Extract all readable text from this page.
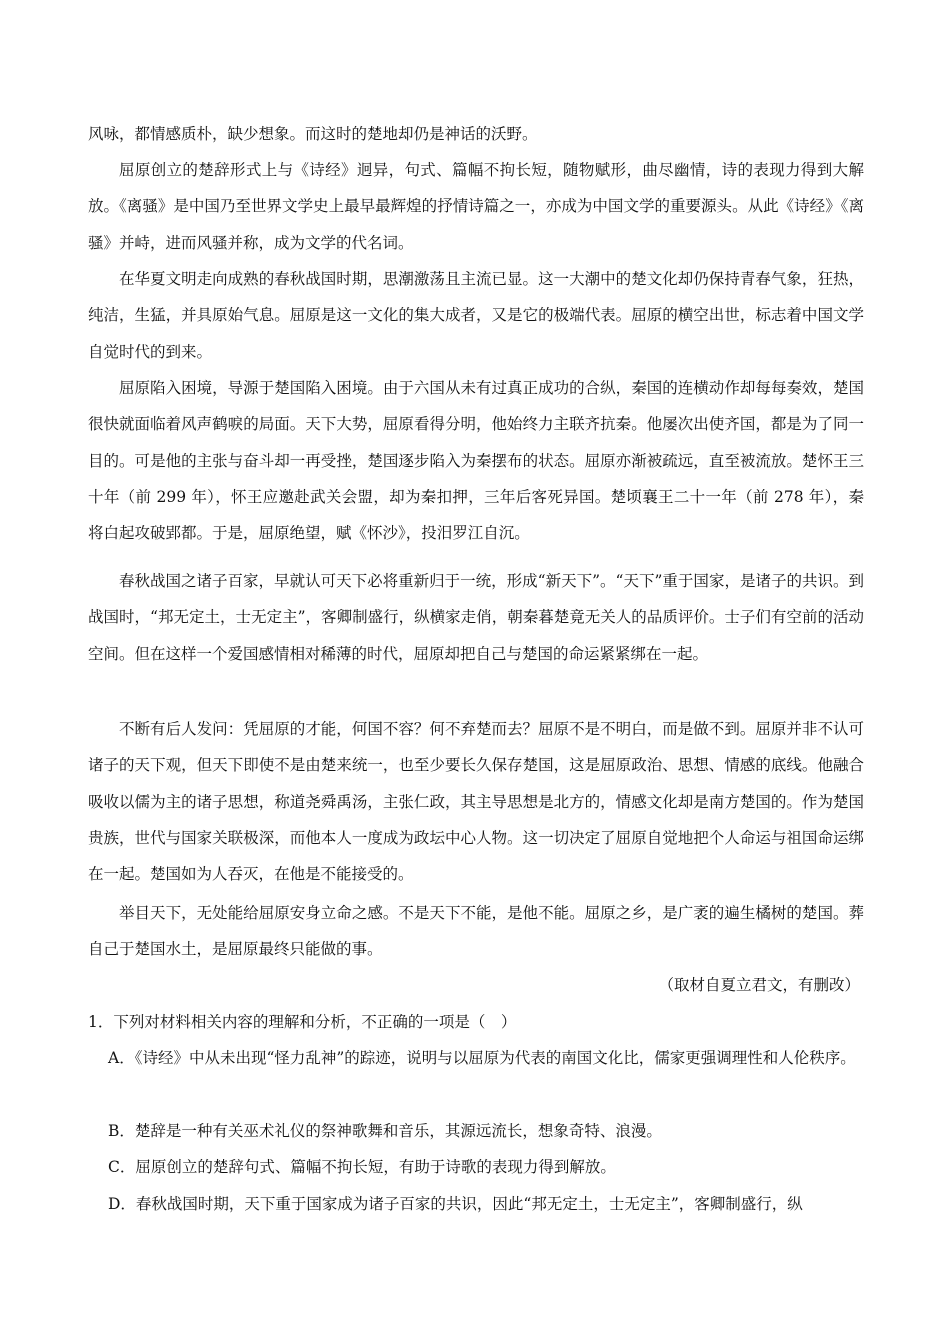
风咏，都情感质朴，缺少想象。而这时的楚地却仍是神话的沃野。

屈原创立的楚辞形式上与《诗经》迥异，句式、篇幅不拘长短，随物赋形，曲尽幽情，诗的表现力得到大解放。《离骚》是中国乃至世界文学史上最早最辉煌的抒情诗篇之一，亦成为中国文学的重要源头。从此《诗经》《离骚》并峙，进而风骚并称，成为文学的代名词。

在华夏文明走向成熟的春秋战国时期，思潮激荡且主流已显。这一大潮中的楚文化却仍保持青春气象，狂热，纯洁，生猛，并具原始气息。屈原是这一文化的集大成者，又是它的极端代表。屈原的横空出世，标志着中国文学自觉时代的到来。

屈原陷入困境，导源于楚国陷入困境。由于六国从未有过真正成功的合纵，秦国的连横动作却每每奏效，楚国很快就面临着风声鹤唳的局面。天下大势，屈原看得分明，他始终力主联齐抗秦。他屡次出使齐国，都是为了同一目的。可是他的主张与奋斗却一再受挫，楚国逐步陷入为秦摆布的状态。屈原亦渐被疏远，直至被流放。楚怀王三十年（前 299 年），怀王应邀赴武关会盟，却为秦扣押，三年后客死异国。楚顷襄王二十一年（前 278 年），秦将白起攻破郢都。于是，屈原绝望，赋《怀沙》，投汨罗江自沉。

春秋战国之诸子百家，早就认可天下必将重新归于一统，形成“新天下”。“天下”重于国家，是诸子的共识。到战国时，“邦无定土，士无定主”，客卿制盛行，纵横家走俏，朝秦暮楚竟无关人的品质评价。士子们有空前的活动空间。但在这样一个爱国感情相对稀薄的时代，屈原却把自己与楚国的命运紧紧绑在一起。

不断有后人发问：凭屈原的才能，何国不容？何不弃楚而去？屈原不是不明白，而是做不到。屈原并非不认可诸子的天下观，但天下即使不是由楚来统一，也至少要长久保存楚国，这是屈原政治、思想、情感的底线。他融合吸收以儒为主的诸子思想，称道尧舜禹汤，主张仁政，其主导思想是北方的，情感文化却是南方楚国的。作为楚国贵族，世代与国家关联极深，而他本人一度成为政坛中心人物。这一切决定了屈原自觉地把个人命运与祖国命运绑在一起。楚国如为人吞灭，在他是不能接受的。

举目天下，无处能给屈原安身立命之感。不是天下不能，是他不能。屈原之乡，是广袤的遍生橘树的楚国。葬自己于楚国水土，是屈原最终只能做的事。

（取材自夏立君文，有删改）
1．下列对材料相关内容的理解和分析，不正确的一项是（　）
A．《诗经》中从未出现“怪力乱神”的踪迹，说明与以屈原为代表的南国文化比，儒家更强调理性和人伦秩序。
B．楚辞是一种有关巫术礼仪的祭神歌舞和音乐，其源远流长，想象奇特、浪漫。
C．屈原创立的楚辞句式、篇幅不拘长短，有助于诗歌的表现力得到解放。
D．春秋战国时期，天下重于国家成为诸子百家的共识，因此“邦无定土，士无定主”，客卿制盛行，纵
